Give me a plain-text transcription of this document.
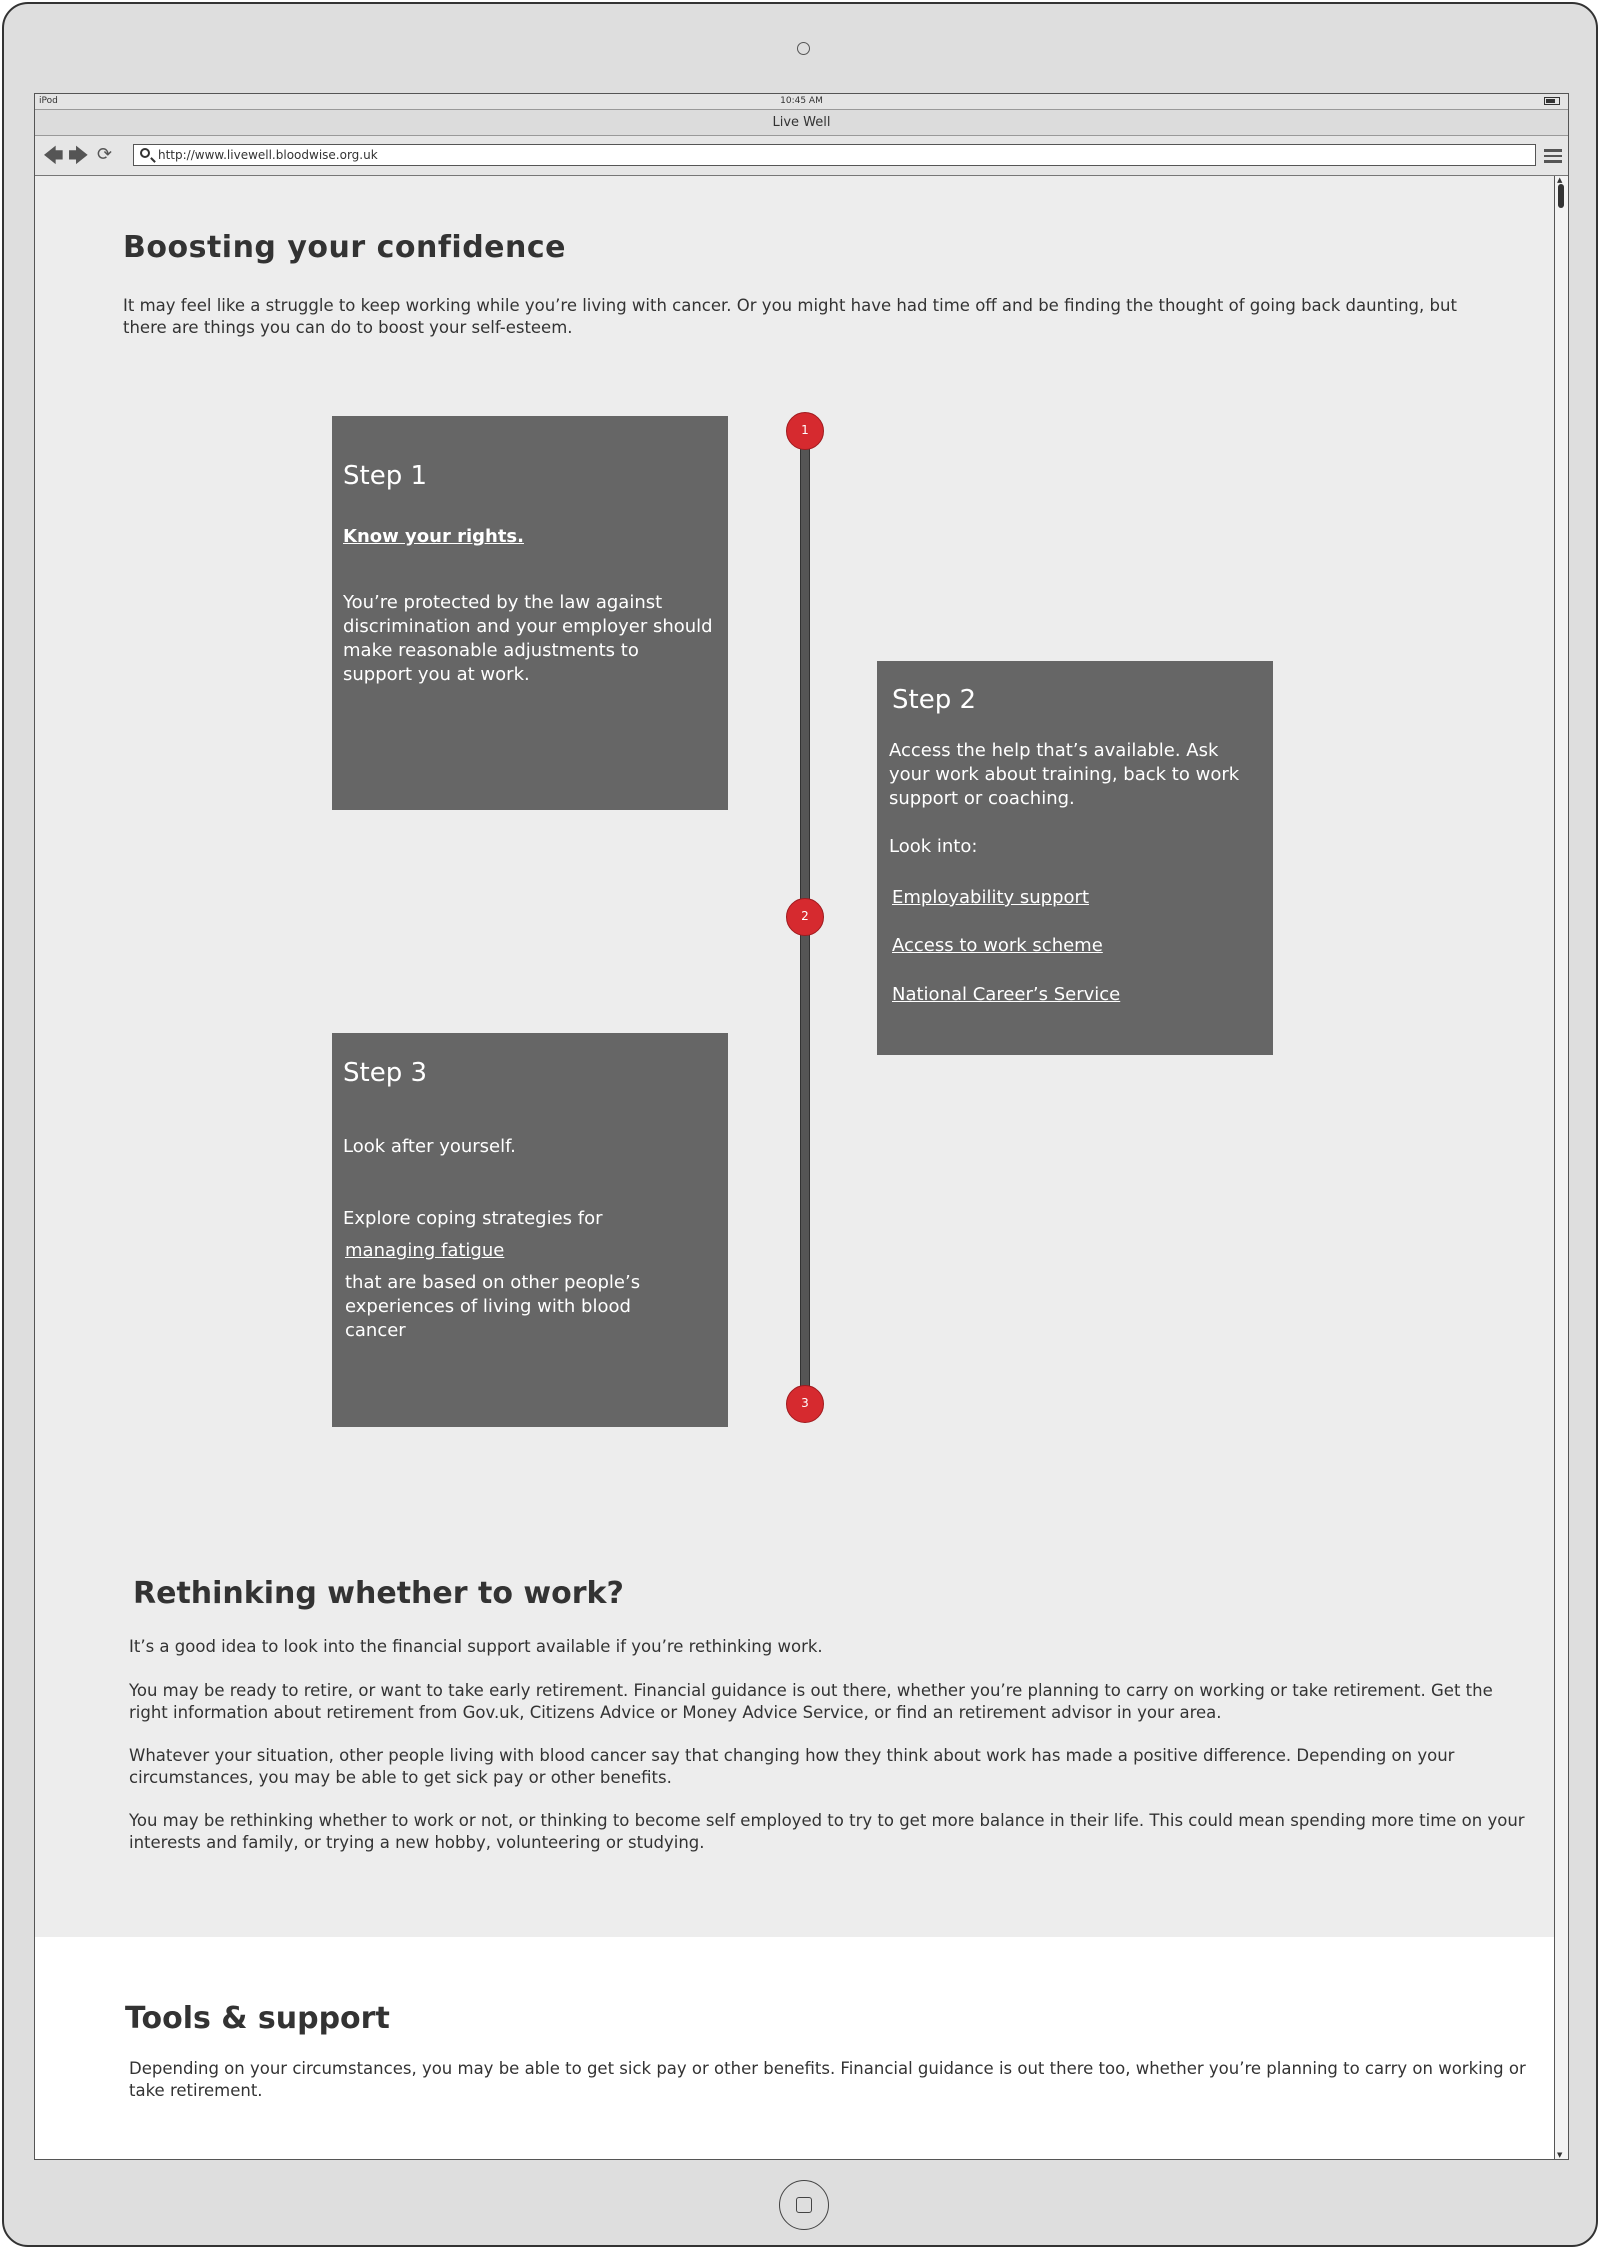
iPod	10:45 AM
Live Well
🡄 🡆 ⟳	http://www.livewell.bloodwise.org.uk
Boosting your confidence

It may feel like a struggle to keep working while you’re living with cancer. Or you might have had time off and be finding the thought of going back daunting, but there are things you can do to boost your self-esteem.

1
2
3
Step 1
Know your rights.
You’re protected by the law against discrimination and your employer should make reasonable adjustments to support you at work.
Step 2
Access the help that’s available. Ask your work about training, back to work support or coaching.
Look into:
Employability support
Access to work scheme
National Career’s Service
Step 3
Look after yourself.
Explore coping strategies for
managing fatigue
that are based on other people’s experiences of living with blood cancer
Rethinking whether to work?

It’s a good idea to look into the financial support available if you’re rethinking work.

You may be ready to retire, or want to take early retirement. Financial guidance is out there, whether you’re planning to carry on working or take retirement. Get the right information about retirement from Gov.uk, Citizens Advice or Money Advice Service, or find an retirement advisor in your area.

Whatever your situation, other people living with blood cancer say that changing how they think about work has made a positive difference. Depending on your circumstances, you may be able to get sick pay or other benefits.

You may be rethinking whether to work or not, or thinking to become self employed to try to get more balance in their life. This could mean spending more time on your interests and family, or trying a new hobby, volunteering or studying.

Tools & support

Depending on your circumstances, you may be able to get sick pay or other benefits. Financial guidance is out there too, whether you’re planning to carry on working or take retirement.

▲
▼
